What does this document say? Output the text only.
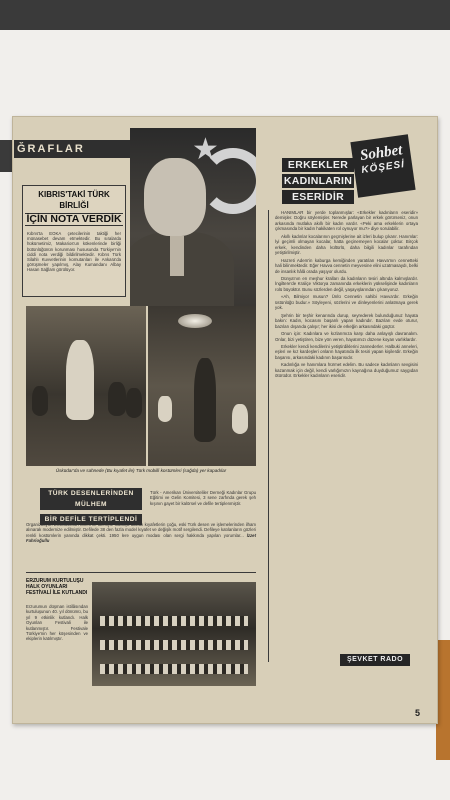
ĞRAFLAR	★
KIBRIS'TAKİ TÜRK BİRLİĞİ
İÇİN NOTA VERDİK
Kıbrıs'ta EOKA çetecilerinin taktiği her münasebet devam etmektedir. Bu sıralarda hükümetimiz, Makarios'un kökenlerinde birliği bütünlüğünün korunması hususunda Türkiye'nin ciddi nota verdiği bildirilmektedir. Kıbrıs Türk Silahlı Kuvvetlerinin komutanları ile Ankara'da görüşmeler yapılmış, Alay Kumandanı Albay Hasan Sağlam görülüyor.
Üsküdar'da ve sahnede (Bu kıyafet ile) Türk mobilli kostümleri (sağda) yer kapadılar
TÜRK DESENLERİNDEN MÜLHEM
BİR DEFİLE TERTİPLENDİ
Türk - Amerikan Üniversiteliler Derneği Kadınlar Grupu Eğitimi ve Gelin Komitesi, 3 sene zarfında gerek şeh kışının gayet bir kalörsel ve defile tertiplenmiştir.
Organizasyon Enstitüsünün töreni ile ailesiyle oldukça alakalı kıyafetlerin çoğu, eski Türk desen ve işlemelerinden ilham alınarak modernize edilmiştir. Defilede 38 den fazla model kıyafet ve değişik motif sergilendi. Defileye katılanların gözleri renkli kostümlerin yanında dikkat çekti. 1950 lere uygun modası olan sergi hakkında yapılan yorumlar... İzzet Fahrioğullu
ERZURUM KURTULUŞU HALK OYUNLARI FESTİVALİ İLE KUTLANDI
Erzurumun düşman istilâsından kurtuluşunun 40. yıl dönümü, bu yıl 9 etkinlik kutlandı. Halk Oyunları Festivali ile kutlanmıştır. Festivale Türkiye'nin her köşesinden ve ekiplerin katılmıştır.
Sohbet
KÖŞESİ
ERKEKLER
KADINLARIN
ESERİDİR

HANIMLAR bir yerde toplanmışlar: «Erkekler kadınların eseridir» demişler. Doğru söylemişler. Nerede parlayan bir erkek görürseniz, onun arkasında mutlaka akıllı bir kadın vardır. «Peki ama erkeklerin ortaya çıkmasında bir kadın hakikaten rol oynuyor mu?» diye sorulabilir.

Akıllı kadınlar kocalarının geçmişlerine ait izleri bulup çıkarır. Hanımlar: İyi geçimli olmayan kocalar, hatta geçinemeyen kocalar çoktur. Birçok erkek, kendinden daha kültürlü, daha bilgili kadınlar tarafından yetiştirilmiştir.

Hazreti Adem'in kaburga kemiğinden yaratılan Havva'nın cennetteki hali bilinmektedir. Eğer Havva cennetin meyvesine elini uzatmasaydı, belki de insanlık hâlâ orada yaşıyor olurdu.

Dünya'nın en meşhur kralları da kadınların tesiri altında kalmışlardır. İngiltere'de Kraliçe Viktorya zamanında erkeklerin yükselişinde kadınların rolü büyüktür. Bunu sözlerden değil, yaşayışlarından çıkarıyoruz.

«Ah, Bilmiyor musun? Ünlü Cennetin sahibi Havva'dır. Erkeğin üstünlüğü budur.» Söyleyeni, sözlerini ve dinleyenlerini anlatmaya gerek yok.

Şehrin bir teşhir kenarında durup, seyrederek bulunduğunuz hayata bakın: Kadın, kocasını başarılı yapan kadındır. Bazıları evde oturur, bazıları dışarıda çalışır; her ikisi de erkeğin arkasındaki güçtür.

Onun için: Kadınlara ve kızlarımıza karşı daha anlayışlı davranalım. Onlar, bizi yetiştiren, bize yön veren, hayatımızı düzene koyan varlıklardır.

Erkekler kendi kendilerini yetiştirdiklerini zannederler. Halbuki anneleri, eşleri ve kız kardeşleri onların hayatında ilk tesiri yapan kişilerdir. Erkeğin başarısı, arkasındaki kadının başarısıdır.

Kadınlığa ve hanımlara hürmet edelim. Bu sadece kadınların sevgisini kazanmak için değil, kendi varlığımızın kaynağına duyduğumuz saygıdan ötürüdür. Erkekler kadınların eseridir.

ŞEVKET RADO
5
